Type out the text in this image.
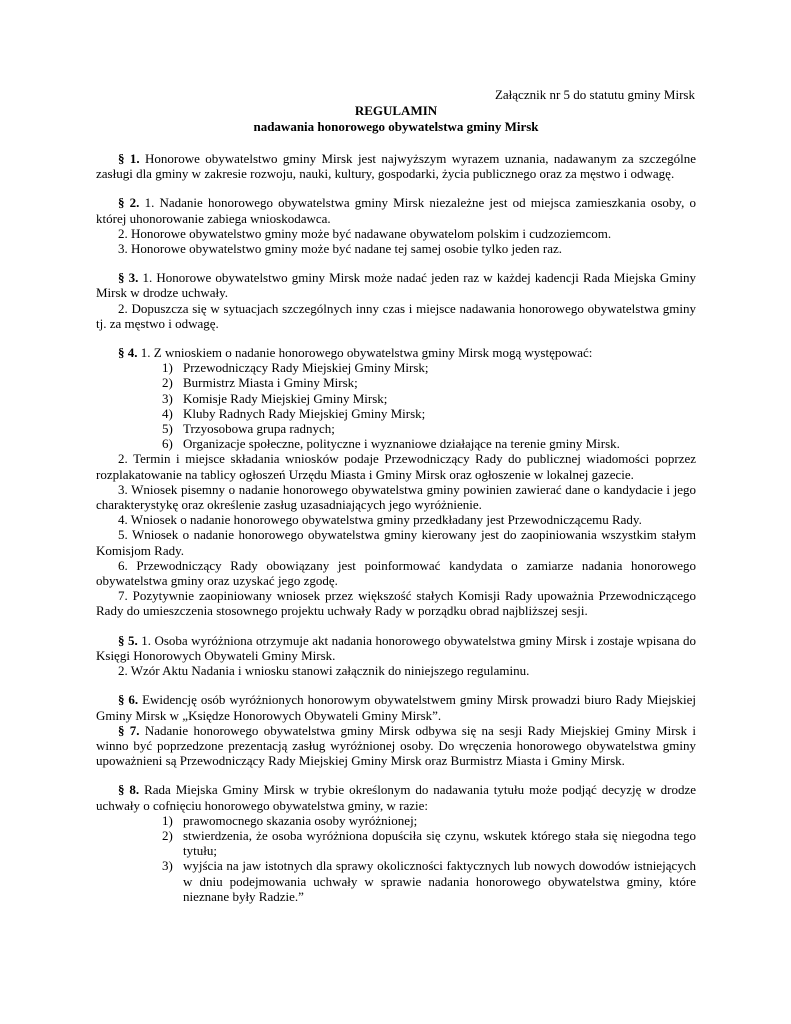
Załącznik nr 5 do statutu gminy Mirsk
REGULAMIN
nadawania honorowego obywatelstwa gminy Mirsk

§ 1. Honorowe obywatelstwo gminy Mirsk jest najwyższym wyrazem uznania, nadawanym za szczególne zasługi dla gminy w zakresie rozwoju, nauki, kultury, gospodarki, życia publicznego oraz za męstwo i odwagę.

§ 2. 1. Nadanie honorowego obywatelstwa gminy Mirsk niezależne jest od miejsca zamieszkania osoby, o której uhonorowanie zabiega wnioskodawca.

2. Honorowe obywatelstwo gminy może być nadawane obywatelom polskim i cudzoziemcom.

3. Honorowe obywatelstwo gminy może być nadane tej samej osobie tylko jeden raz.

§ 3. 1. Honorowe obywatelstwo gminy Mirsk może nadać jeden raz w każdej kadencji Rada Miejska Gminy Mirsk w drodze uchwały.

2. Dopuszcza się w sytuacjach szczególnych inny czas i miejsce nadawania honorowego obywatelstwa gminy tj. za męstwo i odwagę.

§ 4. 1. Z wnioskiem o nadanie honorowego obywatelstwa gminy Mirsk mogą występować:

1) Przewodniczący Rady Miejskiej Gminy Mirsk;
2) Burmistrz Miasta i Gminy Mirsk;
3) Komisje Rady Miejskiej Gminy Mirsk;
4) Kluby Radnych Rady Miejskiej Gminy Mirsk;
5) Trzyosobowa grupa radnych;
6) Organizacje społeczne, polityczne i wyznaniowe działające na terenie gminy Mirsk.

2. Termin i miejsce składania wniosków podaje Przewodniczący Rady do publicznej wiadomości poprzez rozplakatowanie na tablicy ogłoszeń Urzędu Miasta i Gminy Mirsk oraz ogłoszenie w lokalnej gazecie.

3. Wniosek pisemny o nadanie honorowego obywatelstwa gminy powinien zawierać dane o kandydacie i jego charakterystykę oraz określenie zasług uzasadniających jego wyróżnienie.

4. Wniosek o nadanie honorowego obywatelstwa gminy przedkładany jest Przewodniczącemu Rady.

5. Wniosek o nadanie honorowego obywatelstwa gminy kierowany jest do zaopiniowania wszystkim stałym Komisjom Rady.

6. Przewodniczący Rady obowiązany jest poinformować kandydata o zamiarze nadania honorowego obywatelstwa gminy oraz uzyskać jego zgodę.

7. Pozytywnie zaopiniowany wniosek przez większość stałych Komisji Rady upoważnia Przewodniczącego Rady do umieszczenia stosownego projektu uchwały Rady w porządku obrad najbliższej sesji.

§ 5. 1. Osoba wyróżniona otrzymuje akt nadania honorowego obywatelstwa gminy Mirsk i zostaje wpisana do Księgi Honorowych Obywateli Gminy Mirsk.

2. Wzór Aktu Nadania i wniosku stanowi załącznik do niniejszego regulaminu.

§ 6. Ewidencję osób wyróżnionych honorowym obywatelstwem gminy Mirsk prowadzi biuro Rady Miejskiej Gminy Mirsk w „Księdze Honorowych Obywateli Gminy Mirsk”.

§ 7. Nadanie honorowego obywatelstwa gminy Mirsk odbywa się na sesji Rady Miejskiej Gminy Mirsk i winno być poprzedzone prezentacją zasług wyróżnionej osoby. Do wręczenia honorowego obywatelstwa gminy upoważnieni są Przewodniczący Rady Miejskiej Gminy Mirsk oraz Burmistrz Miasta i Gminy Mirsk.

§ 8. Rada Miejska Gminy Mirsk w trybie określonym do nadawania tytułu może podjąć decyzję w drodze uchwały o cofnięciu honorowego obywatelstwa gminy, w razie:

1) prawomocnego skazania osoby wyróżnionej;
2) stwierdzenia, że osoba wyróżniona dopuściła się czynu, wskutek którego stała się niegodna tego tytułu;
3) wyjścia na jaw istotnych dla sprawy okoliczności faktycznych lub nowych dowodów istniejących w dniu podejmowania uchwały w sprawie nadania honorowego obywatelstwa gminy, które nieznane były Radzie.”
